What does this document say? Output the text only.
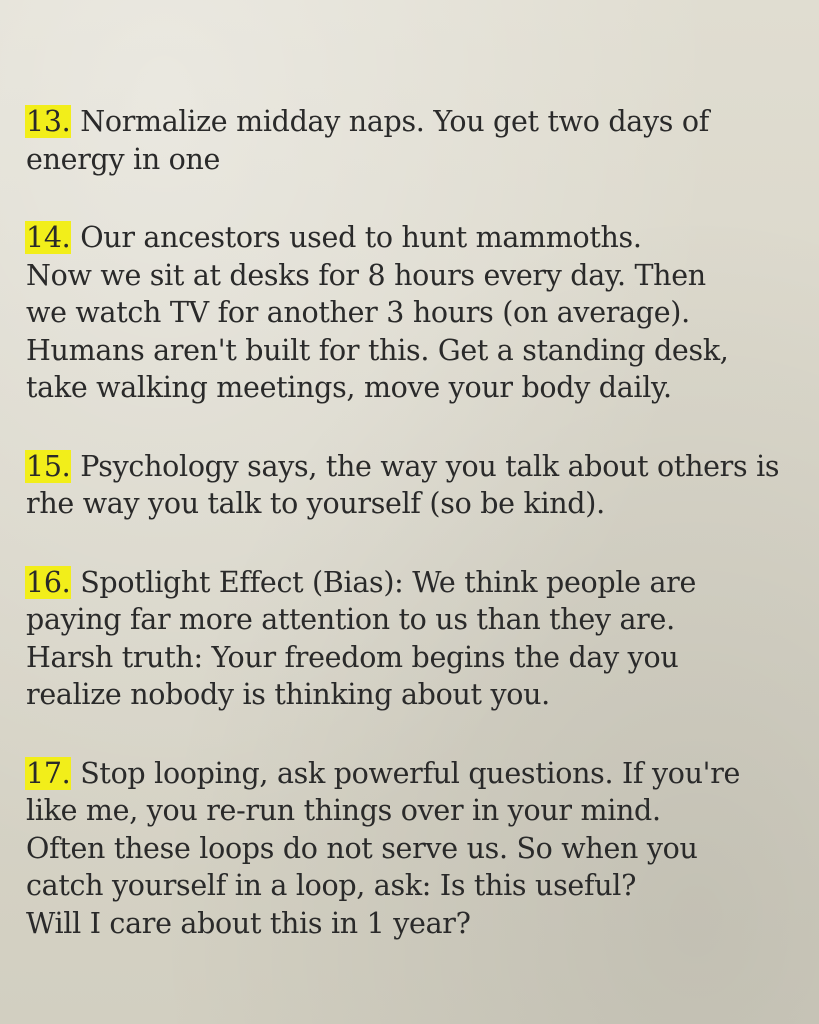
13. Normalize midday naps. You get two days of
energy in one

14. Our ancestors used to hunt mammoths.
Now we sit at desks for 8 hours every day. Then
we watch TV for another 3 hours (on average).
Humans aren't built for this. Get a standing desk,
take walking meetings, move your body daily.

15. Psychology says, the way you talk about others is
rhe way you talk to yourself (so be kind).

16. Spotlight Effect (Bias): We think people are
paying far more attention to us than they are.
Harsh truth: Your freedom begins the day you
realize nobody is thinking about you.

17. Stop looping, ask powerful questions. If you're
like me, you re-run things over in your mind.
Often these loops do not serve us. So when you
catch yourself in a loop, ask: Is this useful?
Will I care about this in 1 year?
